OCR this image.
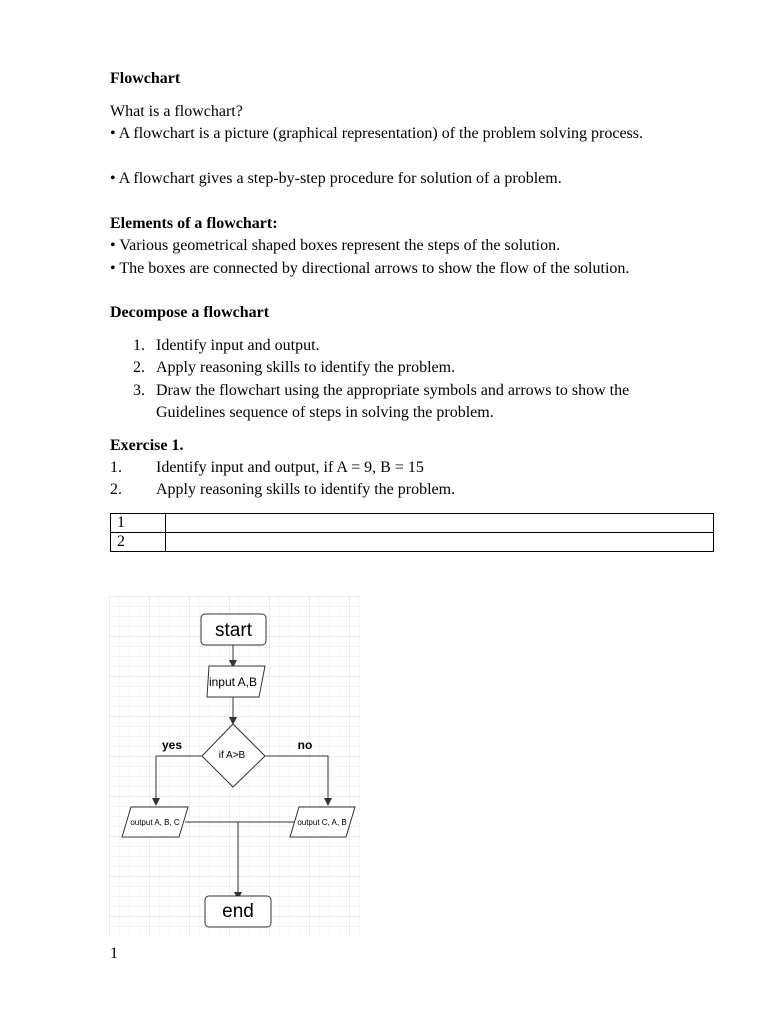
Flowchart
What is a flowchart?
• A flowchart is a picture (graphical representation) of the problem solving process.
• A flowchart gives a step-by-step procedure for solution of a problem.
Elements of a flowchart:
• Various geometrical shaped boxes represent the steps of the solution.
• The boxes are connected by directional arrows to show the flow of the solution.
Decompose a flowchart
1. Identify input and output.
2. Apply reasoning skills to identify the problem.
3. Draw the flowchart using the appropriate symbols and arrows to show the
Guidelines sequence of steps in solving the problem.
Exercise 1.
1. Identify input and output, if A = 9, B = 15
2. Apply reasoning skills to identify the problem.
1	
2	
start
input A,B
if A>B
yes	no
output A, B, C	output C, A, B
end
1
